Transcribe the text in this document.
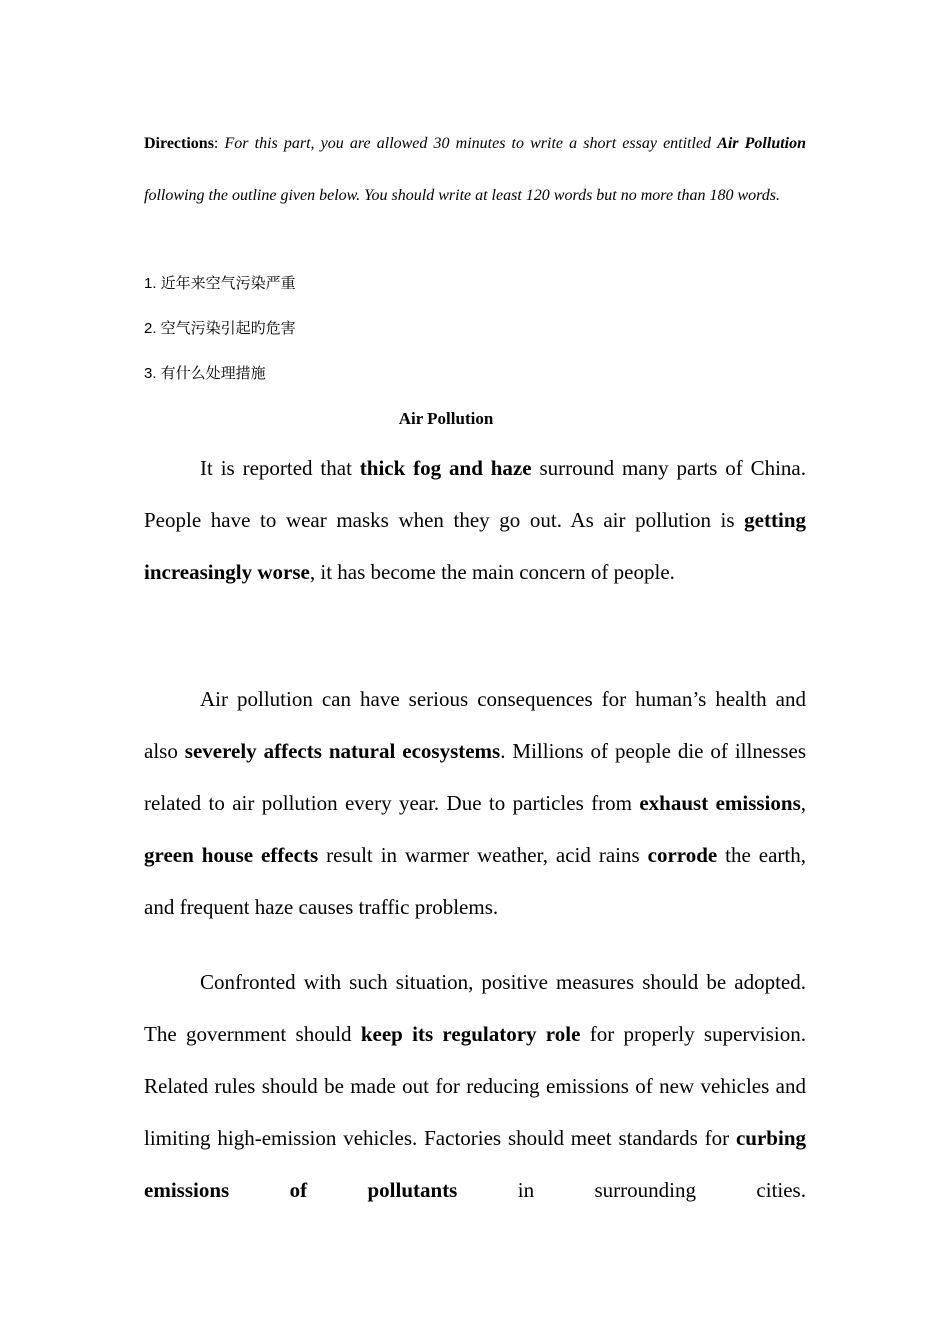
Directions: For this part, you are allowed 30 minutes to write a short essay entitled Air Pollution following the outline given below. You should write at least 120 words but no more than 180 words.
1. 近年来空气污染严重
2. 空气污染引起旳危害
3. 有什么处理措施
Air Pollution

It is reported that thick fog and haze surround many parts of China. People have to wear masks when they go out. As air pollution is getting increasingly worse, it has become the main concern of people.

Air pollution can have serious consequences for human’s health and also severely affects natural ecosystems. Millions of people die of illnesses related to air pollution every year. Due to particles from exhaust emissions, green house effects result in warmer weather, acid rains corrode the earth, and frequent haze causes traffic problems.

Confronted with such situation, positive measures should be adopted. The government should keep its regulatory role for properly supervision. Related rules should be made out for reducing emissions of new vehicles and limiting high-emission vehicles. Factories should meet standards for curbing emissions of pollutants in surrounding cities.
